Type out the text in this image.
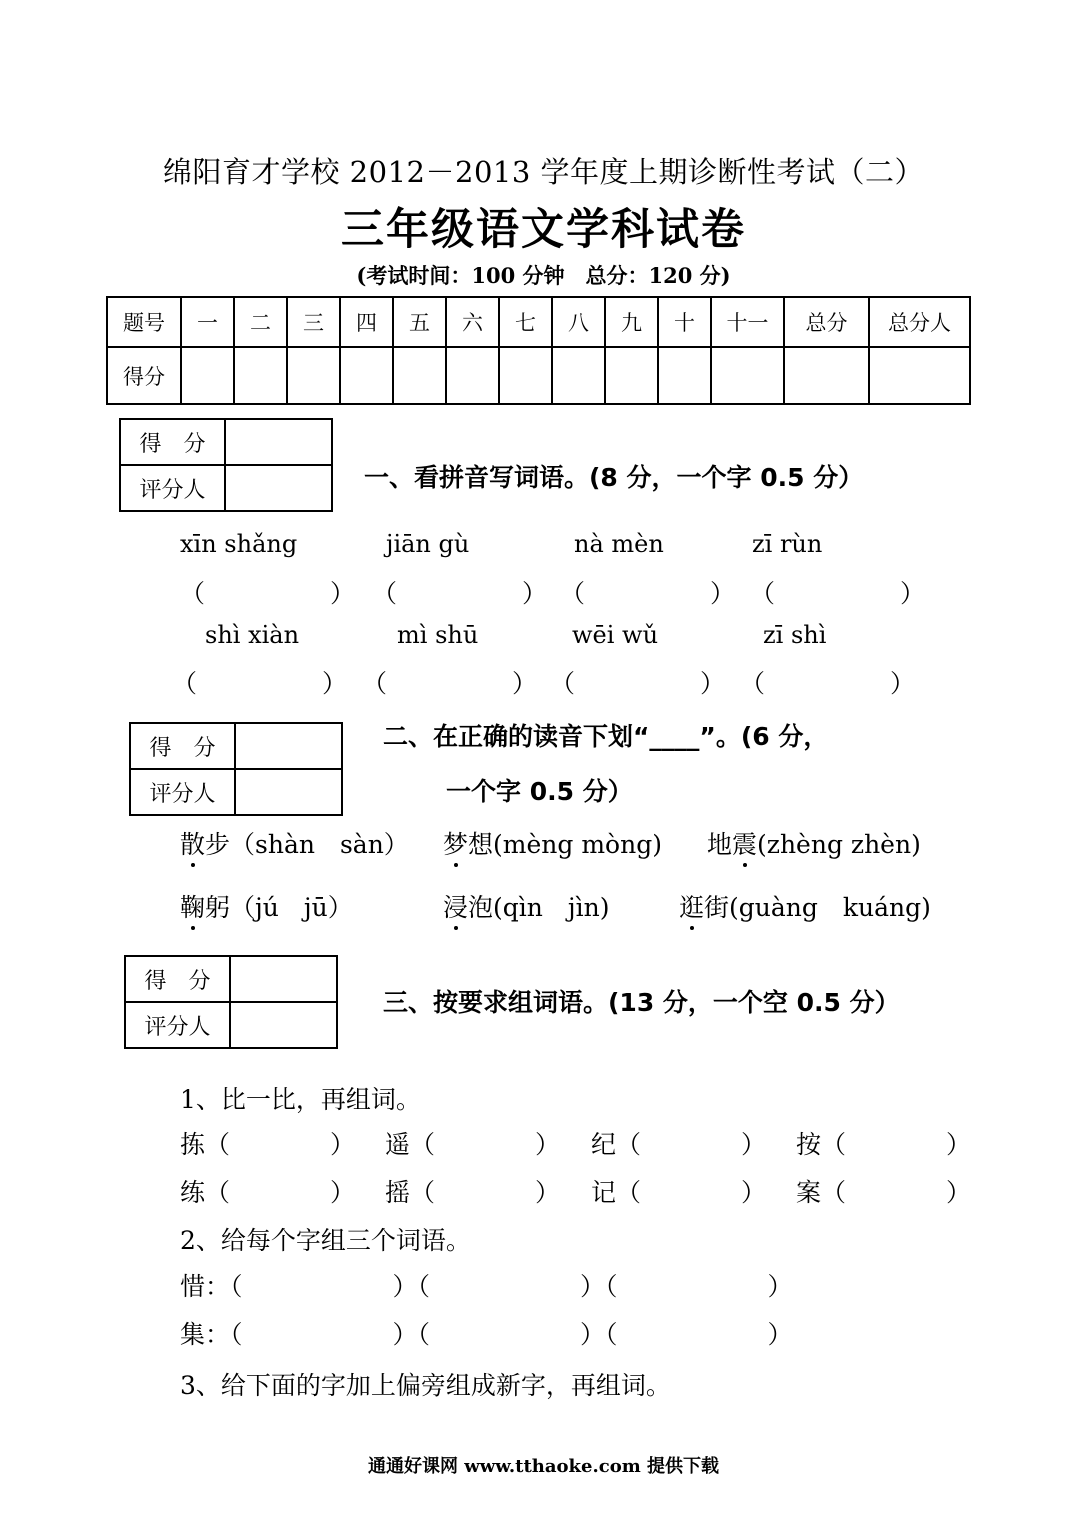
绵阳育才学校 2012－2013 学年度上期诊断性考试（二）
三年级语文学科试卷
(考试时间：100 分钟　总分：120 分)
题号	一	二	三	四	五	六	七	八	九	十	十一	总分	总分人
得分													
得　分	
评分人		一、看拼音写词语。(8 分，一个字 0.5 分）
xīn shǎng	jiān gù	nà mèn	zī rùn
（　　　　　） （　　　　　） （　　　　　） （　　　　　）
shì xiàn	mì shū	wēi wǔ	zī shì
（　　　　　） （　　　　　） （　　　　　） （　　　　　）
得　分	
评分人	
二、在正确的读音下划“____”。(6 分，
一个字 0.5 分）
散步（shàn　sàn） 梦想(mèng mòng) 地震(zhèng zhèn)
鞠躬（jú　jū）	浸泡(qìn　jìn)	逛街(guàng　kuáng)
得　分	
评分人	
三、按要求组词语。(13 分，一个空 0.5 分）
1、比一比，再组词。
拣（　　　　） 遥（　　　　） 纪（　　　　） 按（　　　　）
练（　　　　） 摇（　　　　） 记（　　　　） 案（　　　　）
2、给每个字组三个词语。
惜：（　　　　　　）（　　　　　　）（　　　　　　）
集：（　　　　　　）（　　　　　　）（　　　　　　）
3、给下面的字加上偏旁组成新字，再组词。
通通好课网 www.tthaoke.com 提供下载
